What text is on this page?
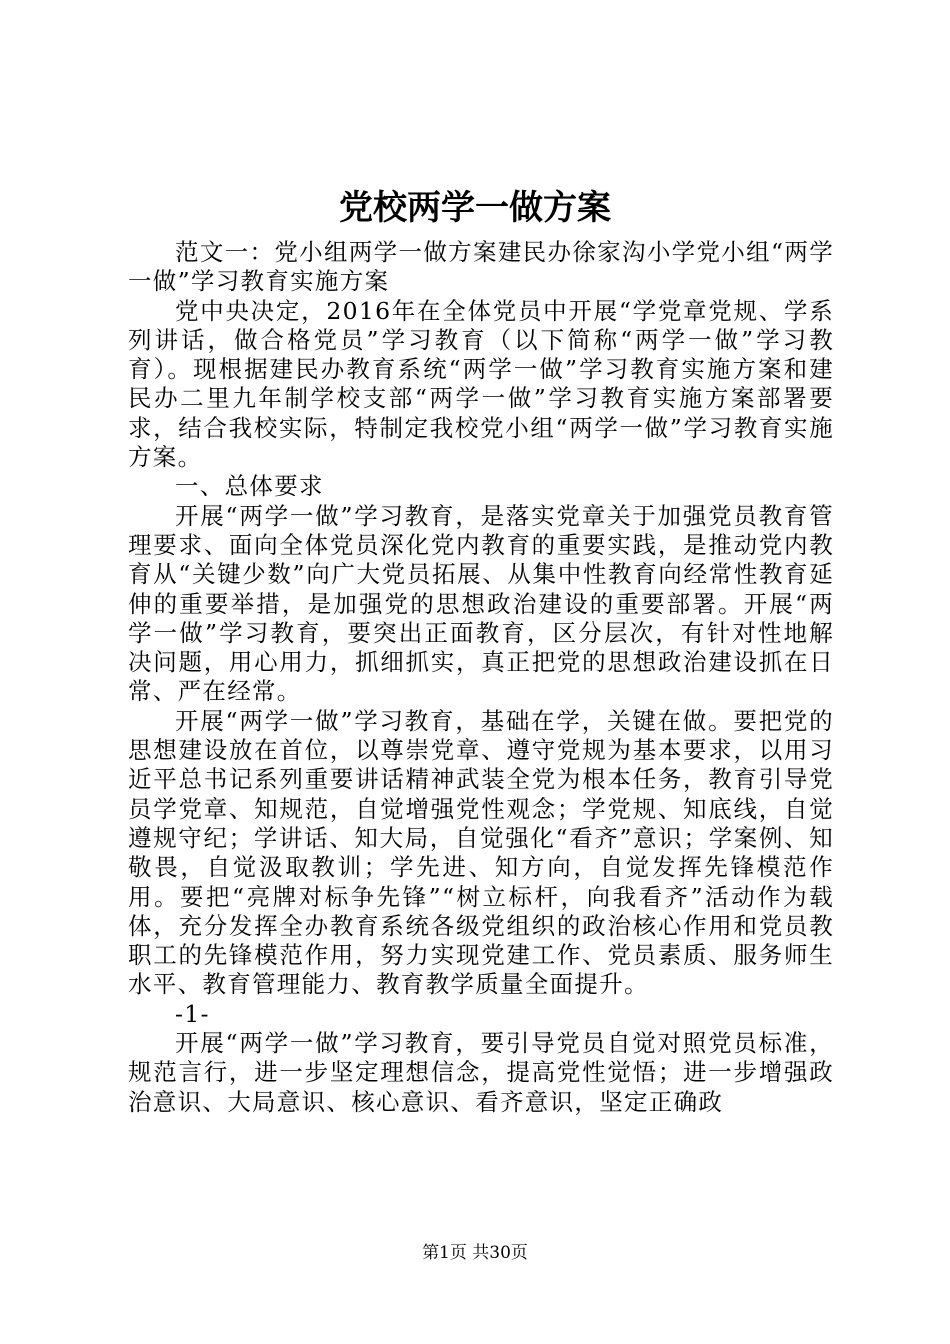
党校两学一做方案

范文一：党小组两学一做方案建民办徐家沟小学党小组“两学一做”学习教育实施方案

党中央决定，2016年在全体党员中开展“学党章党规、学系列讲话，做合格党员”学习教育（以下简称“两学一做”学习教育）。现根据建民办教育系统“两学一做”学习教育实施方案和建民办二里九年制学校支部“两学一做”学习教育实施方案部署要求，结合我校实际，特制定我校党小组“两学一做”学习教育实施方案。

一、总体要求

开展“两学一做”学习教育，是落实党章关于加强党员教育管理要求、面向全体党员深化党内教育的重要实践，是推动党内教育从“关键少数”向广大党员拓展、从集中性教育向经常性教育延伸的重要举措，是加强党的思想政治建设的重要部署。开展“两学一做”学习教育，要突出正面教育，区分层次，有针对性地解决问题，用心用力，抓细抓实，真正把党的思想政治建设抓在日常、严在经常。

开展“两学一做”学习教育，基础在学，关键在做。要把党的思想建设放在首位，以尊崇党章、遵守党规为基本要求，以用习近平总书记系列重要讲话精神武装全党为根本任务，教育引导党员学党章、知规范，自觉增强党性观念；学党规、知底线，自觉遵规守纪；学讲话、知大局，自觉强化“看齐”意识；学案例、知敬畏，自觉汲取教训；学先进、知方向，自觉发挥先锋模范作用。要把“亮牌对标争先锋”“树立标杆，向我看齐”活动作为载体，充分发挥全办教育系统各级党组织的政治核心作用和党员教职工的先锋模范作用，努力实现党建工作、党员素质、服务师生水平、教育管理能力、教育教学质量全面提升。

-1-

开展“两学一做”学习教育，要引导党员自觉对照党员标准，规范言行，进一步坚定理想信念，提高党性觉悟；进一步增强政治意识、大局意识、核心意识、看齐意识，坚定正确政

第1页 共30页
